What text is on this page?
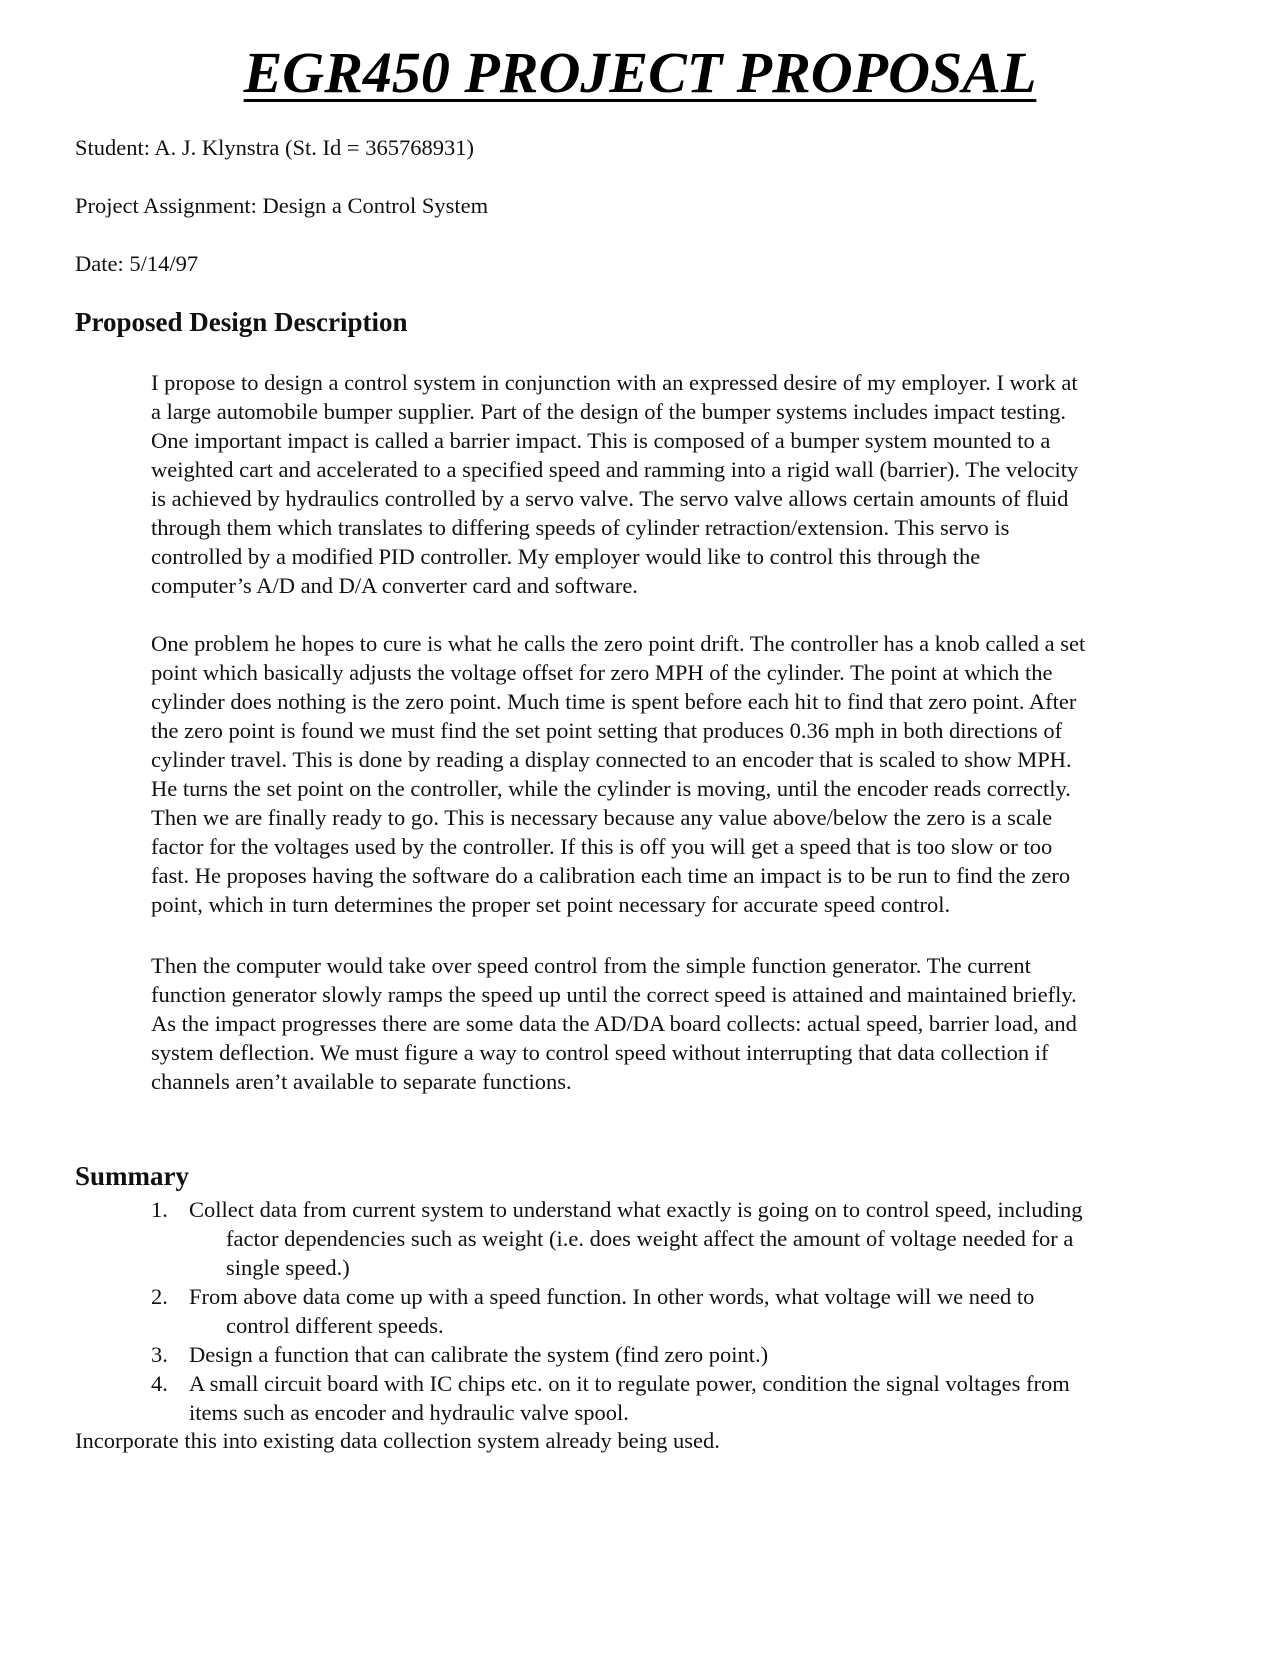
EGR450 PROJECT PROPOSAL

Student: A. J. Klynstra (St. Id = 365768931)

Project Assignment: Design a Control System

Date: 5/14/97

Proposed Design Description

I propose to design a control system in conjunction with an expressed desire of my employer. I work at
a large automobile bumper supplier. Part of the design of the bumper systems includes impact testing.
One important impact is called a barrier impact. This is composed of a bumper system mounted to a
weighted cart and accelerated to a specified speed and ramming into a rigid wall (barrier). The velocity
is achieved by hydraulics controlled by a servo valve. The servo valve allows certain amounts of fluid
through them which translates to differing speeds of cylinder retraction/extension. This servo is
controlled by a modified PID controller. My employer would like to control this through the
computer’s A/D and D/A converter card and software.

One problem he hopes to cure is what he calls the zero point drift. The controller has a knob called a set
point which basically adjusts the voltage offset for zero MPH of the cylinder. The point at which the
cylinder does nothing is the zero point. Much time is spent before each hit to find that zero point. After
the zero point is found we must find the set point setting that produces 0.36 mph in both directions of
cylinder travel. This is done by reading a display connected to an encoder that is scaled to show MPH.
He turns the set point on the controller, while the cylinder is moving, until the encoder reads correctly.
Then we are finally ready to go. This is necessary because any value above/below the zero is a scale
factor for the voltages used by the controller. If this is off you will get a speed that is too slow or too
fast. He proposes having the software do a calibration each time an impact is to be run to find the zero
point, which in turn determines the proper set point necessary for accurate speed control.

Then the computer would take over speed control from the simple function generator. The current
function generator slowly ramps the speed up until the correct speed is attained and maintained briefly.
As the impact progresses there are some data the AD/DA board collects: actual speed, barrier load, and
system deflection. We must figure a way to control speed without interrupting that data collection if
channels aren’t available to separate functions.

Summary
1. Collect data from current system to understand what exactly is going on to control speed, including
factor dependencies such as weight (i.e. does weight affect the amount of voltage needed for a
single speed.)
2. From above data come up with a speed function. In other words, what voltage will we need to
control different speeds.
3. Design a function that can calibrate the system (find zero point.)
4. A small circuit board with IC chips etc. on it to regulate power, condition the signal voltages from
items such as encoder and hydraulic valve spool.

Incorporate this into existing data collection system already being used.
